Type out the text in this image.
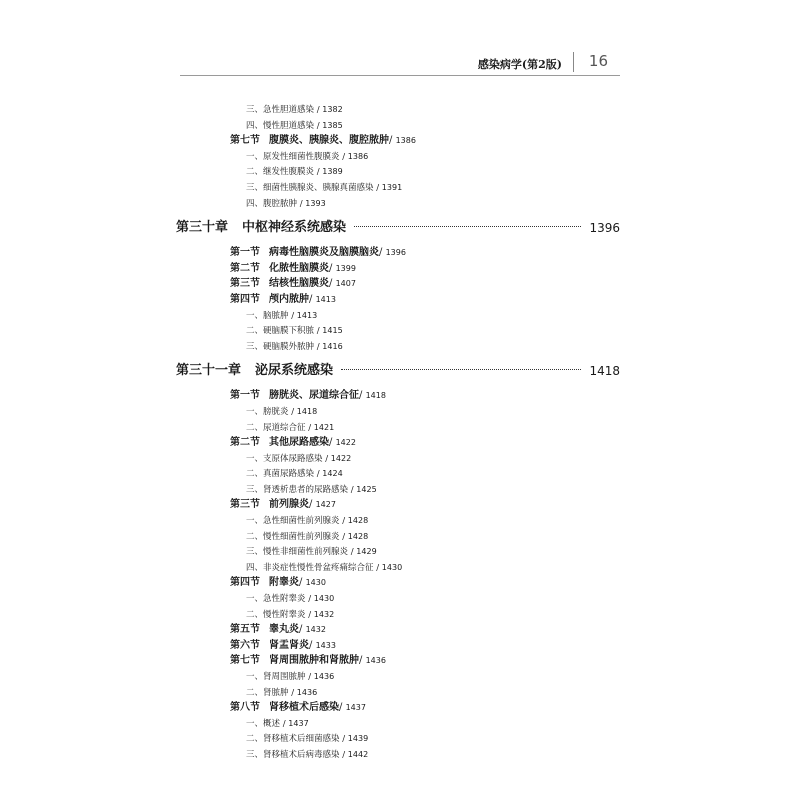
感染病学(第2版) 16
三、急性胆道感染 / 1382
四、慢性胆道感染 / 1385
第七节 腹膜炎、胰腺炎、腹腔脓肿/ 1386
一、原发性细菌性腹膜炎 / 1386
二、继发性腹膜炎 / 1389
三、细菌性胰腺炎、胰腺真菌感染 / 1391
四、腹腔脓肿 / 1393
第三十章 中枢神经系统感染	1396
第一节 病毒性脑膜炎及脑膜脑炎/ 1396
第二节 化脓性脑膜炎/ 1399
第三节 结核性脑膜炎/ 1407
第四节 颅内脓肿/ 1413
一、脑脓肿 / 1413
二、硬脑膜下积脓 / 1415
三、硬脑膜外脓肿 / 1416
第三十一章 泌尿系统感染	1418
第一节 膀胱炎、尿道综合征/ 1418
一、膀胱炎 / 1418
二、尿道综合征 / 1421
第二节 其他尿路感染/ 1422
一、支原体尿路感染 / 1422
二、真菌尿路感染 / 1424
三、肾透析患者的尿路感染 / 1425
第三节 前列腺炎/ 1427
一、急性细菌性前列腺炎 / 1428
二、慢性细菌性前列腺炎 / 1428
三、慢性非细菌性前列腺炎 / 1429
四、非炎症性慢性骨盆疼痛综合征 / 1430
第四节 附睾炎/ 1430
一、急性附睾炎 / 1430
二、慢性附睾炎 / 1432
第五节 睾丸炎/ 1432
第六节 肾盂肾炎/ 1433
第七节 肾周围脓肿和肾脓肿/ 1436
一、肾周围脓肿 / 1436
二、肾脓肿 / 1436
第八节 肾移植术后感染/ 1437
一、概述 / 1437
二、肾移植术后细菌感染 / 1439
三、肾移植术后病毒感染 / 1442
